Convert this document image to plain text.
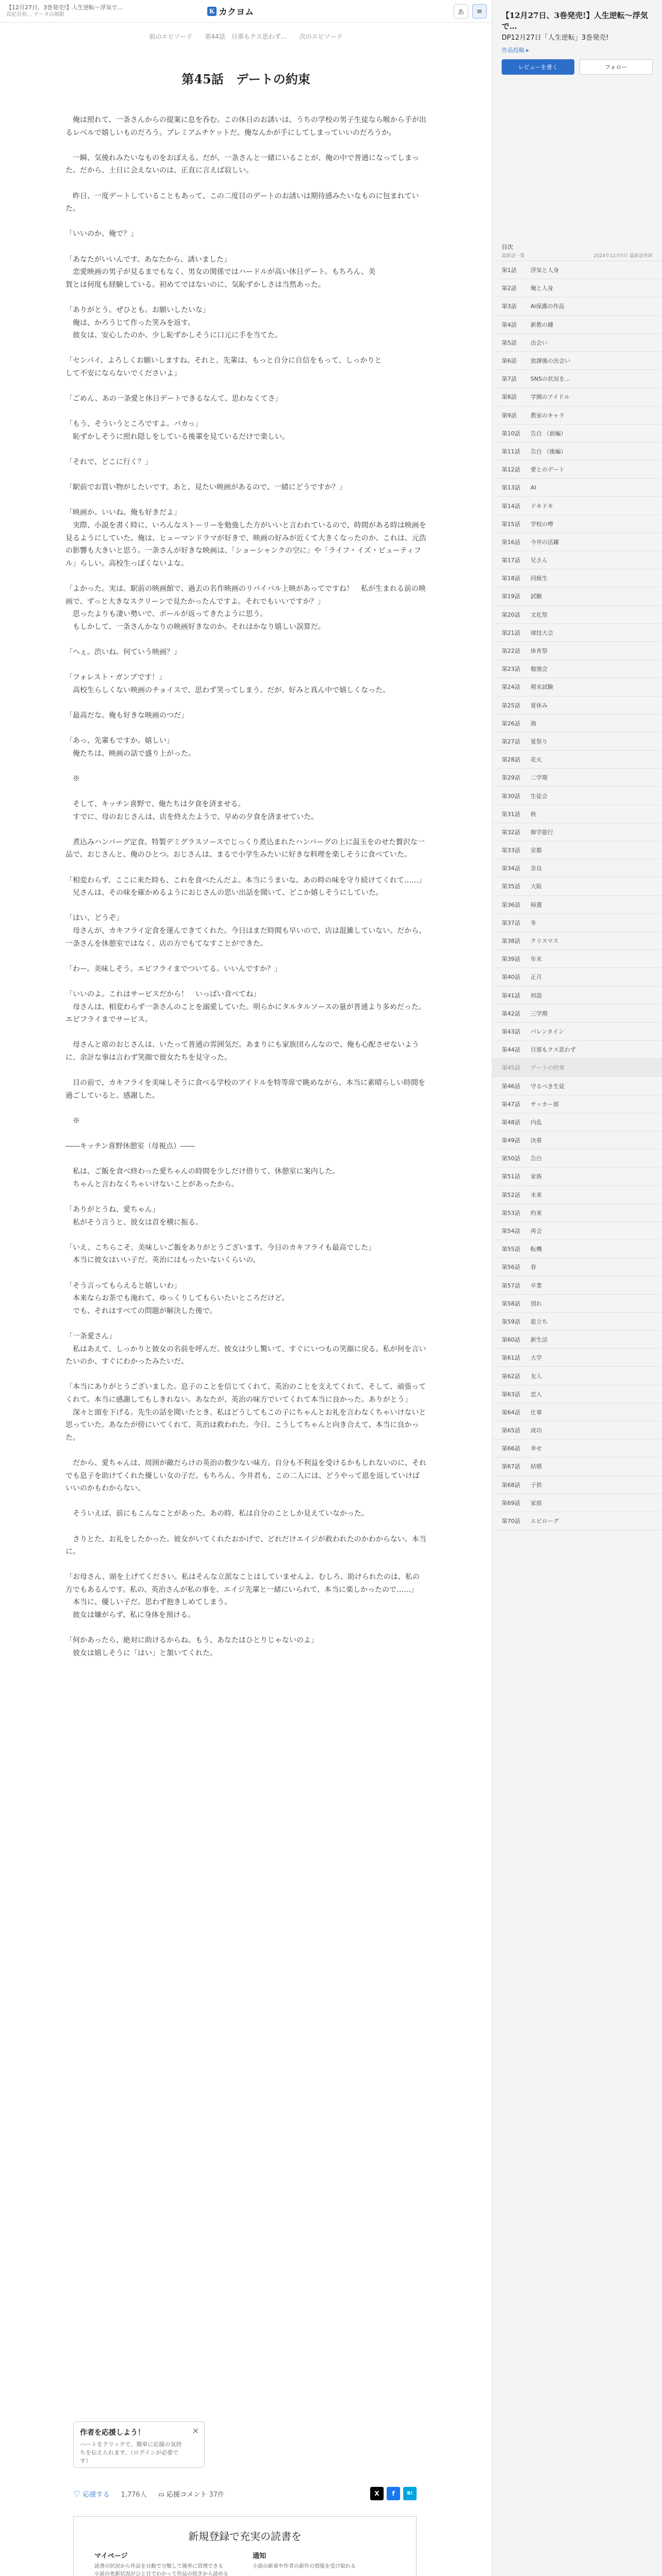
【12月27日、3巻発売!】人生逆転～浮気で…
真紀谷春… データの制限	K カクヨム	あ	≡
前のエピソード 第44話　旦那もクス思わず… 次のエピソード
第45話　デートの約束

　俺は照れて、一条さんからの提案に息を呑む。この休日のお誘いは、うちの学校の男子生徒なら喉から手が出るレベルで嬉しいものだろう。プレミアムチケットだ。俺なんかが手にしてしまっていいのだろうか。

　一瞬、気後れみたいなものをおぼえる。だが、一条さんと一緒にいることが、俺の中で普通になってしまった。だから、土日に会えないのは、正直に言えば寂しい。

　昨日、一度デートしていることもあって、この二度目のデートのお誘いは期待感みたいなものに包まれていた。

「いいのか、俺で？」

「あなたがいいんです。あなたから、誘いました」

　恋愛映画の男子が見るまでもなく、男女の関係ではハードルが高い休日デート。もちろん、美

賀とは何度も経験している。初めてではないのに、気恥ずかしさは当然あった。

「ありがとう。ぜひとも。お願いしたいな」

　俺は、かろうじて作った笑みを返す。

　彼女は、安心したのか、少し恥ずかしそうに口元に手を当てた。

「センパイ、よろしくお願いしますね。それと、先輩は、もっと自分に自信をもって、しっかりと

して不安にならないでくださいよ」

「ごめん、あの一条愛と休日デートできるなんて、思わなくてさ」

「もう、そういうところですよ。バカっ」

　恥ずかしそうに照れ隠しをしている後輩を見ているだけで楽しい。

「それで、どこに行く？」

「駅前でお買い物がしたいです。あと、見たい映画があるので、一緒にどうですか？」

「映画か。いいね。俺も好きだよ」

　実際、小説を書く時に、いろんなストーリーを勉強した方がいいと言われているので、時間がある時は映画を見るようにしていた。俺は、ヒューマンドラマが好きで、映画の好みが近くて大きくなったのか、これは、元浩の影響も大きいと思う。一条さんが好きな映画は、「ショーシャンクの空に」や「ライフ・イズ・ビューティフル」らしい。高校生っぽくないよな。

「よかった。実は、駅前の映画館で、過去の名作映画のリバイバル上映があってですね！　私が生まれる前の映画で、ずっと大きなスクリーンで見たかったんですよ。それでもいいですか？」

　思ったよりも凄い勢いで、ボールが返ってきたように思う。

　もしかして、一条さんかなりの映画好きなのか。それはかなり嬉しい誤算だ。

「へぇ。渋いね。何ていう映画？」

「フォレスト・ガンプです！」

　高校生らしくない映画のチョイスで、思わず笑ってしまう。だが、好みと真ん中で嬉しくなった。

「最高だな。俺も好きな映画のつだ」

「あっ、先輩もですか。嬉しい」

　俺たちは、映画の話で盛り上がった。

　※

　そして、キッチン喜野で、俺たちは夕食を済ませる。

　すでに、母のおじさんは、店を終えたようで、早めの夕食を済ませていた。

　煮込みハンバーグ定食。特製デミグラスソースでじっくり煮込まれたハンバーグの上に温玉をのせた贅沢な一品で、おじさんと、俺のひとつ。おじさんは、まるで小学生みたいに好きな料理を楽しそうに食べていた。

「相変わらず、ここに来た時も、これを食べたんだよ。本当にうまいな。あの時の味を守り続けてくれて……」

　兄さんは、その味を確かめるようにおじさんの思い出話を聞いて、どこか嬉しそうにしていた。

「はい、どうぞ」

　母さんが、カキフライ定食を運んできてくれた。今日はまだ時間も早いので、店は混雑していない。だから、一条さんを休憩室ではなく、店の方でもてなすことができた。

「わー。美味しそう。エビフライまでついてる。いいんですか？」

「いいのよ。これはサービスだから！　いっぱい食べてね」

　母さんは、相変わらず一条さんのことを溺愛していた。明らかにタルタルソースの量が普通より多めだった。エビフライまでサービス。

　母さんと席のおじさんは、いたって普通の雰囲気だ。あまりにも家族団らんなので、俺も心配させないように、余計な事は言わず笑顔で彼女たちを見守った。

　目の前で、カキフライを美味しそうに食べる学校のアイドルを特等席で眺めながら、本当に素晴らしい時間を過ごしていると、感謝した。

　※

――キッチン喜野休憩室（母視点）――

　私は、ご飯を食べ終わった愛ちゃんの時間を少しだけ借りて、休憩室に案内した。

　ちゃんと言わなくちゃいけないことがあったから。

「ありがとうね、愛ちゃん」

　私がそう言うと、彼女は首を横に振る。

「いえ、こちらこそ、美味しいご飯をありがとうございます。今日のカキフライも最高でした」

　本当に彼女はいい子だ。英治にはもったいないくらいの。

「そう言ってもらえると嬉しいわ」

　本来ならお茶でも淹れて、ゆっくりしてもらいたいところだけど。

　でも、それはすべての問題が解決した後で。

「一条愛さん」

　私はあえて、しっかりと彼女の名前を呼んだ。彼女は少し驚いて、すぐにいつもの笑顔に戻る。私が何を言いたいのか、すぐにわかったみたいだ。

「本当にありがとうございました。息子のことを信じてくれて、英治のことを支えてくれて、そして、頑張ってくれて。本当に感謝してもしきれない。あなたが、英治の味方でいてくれて本当に良かった。ありがとう」

　深々と頭を下げる。先生の話を聞いたとき、私はどうしてもこの子にちゃんとお礼を言わなくちゃいけないと思っていた。あなたが傍にいてくれて、英治は救われた。今日、こうしてちゃんと向き合えて、本当に良かった。

　だから、愛ちゃんは、周囲が敵だらけの英治の数少ない味方。自分も不利益を受けるかもしれないのに、それでも息子を助けてくれた優しい女の子だ。もちろん、今井君も、この二人には、どうやって恩を返していけばいいのかもわからない。

　そういえば、前にもこんなことがあった。あの時、私は自分のことしか見えていなかった。

　さりとた、お礼をしたかった。彼女がいてくれたおかげで、どれだけエイジが救われたのかわからない。本当に。

「お母さん、頭を上げてください。私はそんな立派なことはしていませんよ。むしろ、助けられたのは、私の方でもあるんです。私の、英治さんが私の事を、エイジ先輩と一緒にいられて、本当に楽しかったので……」

　本当に、優しい子だ。思わず抱きしめてしまう。

　彼女は嫌がらず、私に身体を預ける。

「何かあったら、絶対に助けるからね。もう、あなたはひとりじゃないのよ」

　彼女は嬉しそうに「はい」と頷いてくれた。

作者を応援しよう！
ハートをクリックで、簡単に応援の気持ちを伝えられます。（ログインが必要です）
✕
♡ 応援する 1,776人 ▭ 応援コメント 37件	X	f	B!
新規登録で充実の読書を
マイページ
読書の状況から作品を自動で分類して簡単に管理できる
小説の更新状況がひと目でわかって作品の続きから読める
通知
小説の新着や作者の新作の情報を受け取れる
【12月27日、3巻発売!】人生逆転～浮気で…
DP12月27日「人生逆転」3巻発売!
作品投稿 ▸
レビューを書く	フォロー
目次
最新話一覧	2024年12月5日 最新話更新
第1話	浮気と人身
第2話	俺と人身
第3話	Ai保護の作品
第4話	新教の鐘
第5話	出会い
第6話	放課後の出会い
第7話	SNSの状況を…
第8話	学園のアイドル
第9話	教室のキャラ
第10話	告白 （前編）
第11話	告白 （後編）
第12話	愛とのデート
第13話	AI
第14話	ドキドキ
第15話	学校の噂
第16話	今井の活躍
第17話	兄さん
第18話	同級生
第19話	試験
第20話	文化祭
第21話	球技大会
第22話	体育祭
第23話	勉強会
第24話	期末試験
第25話	夏休み
第26話	海
第27話	夏祭り
第28話	花火
第29話	二学期
第30話	生徒会
第31話	秋
第32話	修学旅行
第33話	京都
第34話	奈良
第35話	大阪
第36話	帰還
第37話	冬
第38話	クリスマス
第39話	年末
第40話	正月
第41話	初詣
第42話	三学期
第43話	バレンタイン
第44話	旦那もクス思わず
第45話	デートの約束
第46話	守るべき生徒
第47話	サッカー部
第48話	内乱
第49話	決着
第50話	告白
第51話	家族
第52話	未来
第53話	約束
第54話	再会
第55話	転機
第56話	春
第57話	卒業
第58話	別れ
第59話	旅立ち
第60話	新生活
第61話	大学
第62話	友人
第63話	恋人
第64話	仕事
第65話	成功
第66話	幸せ
第67話	結婚
第68話	子供
第69話	家庭
第70話	エピローグ
